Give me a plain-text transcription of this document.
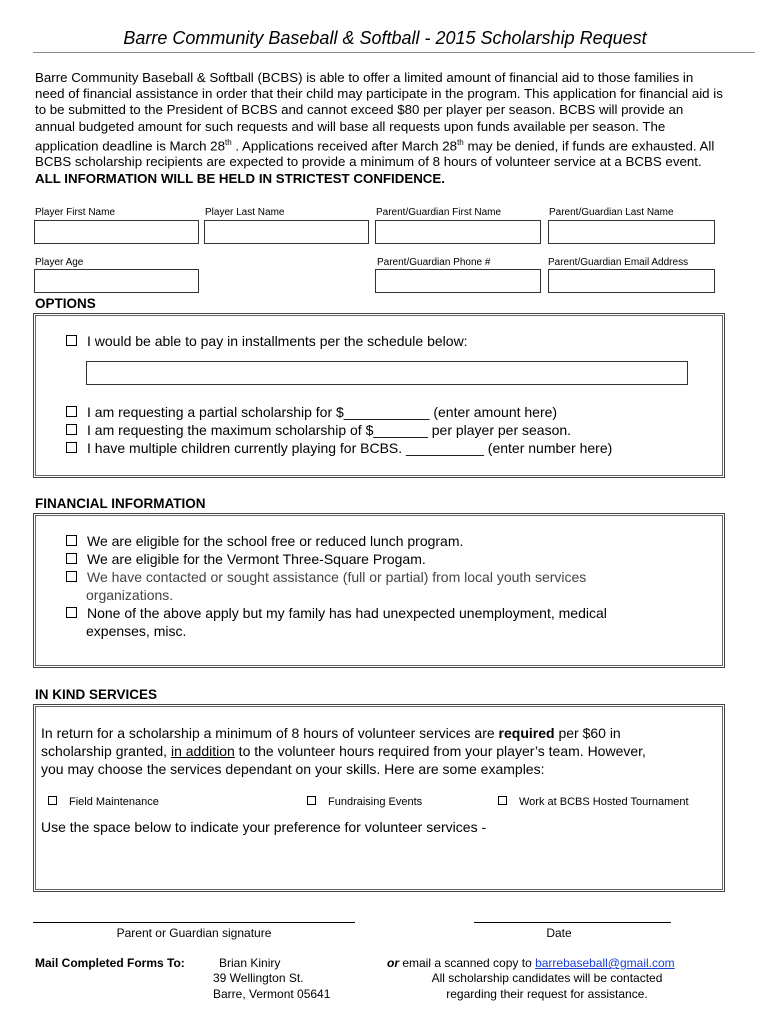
Barre Community Baseball & Softball - 2015 Scholarship Request
Barre Community Baseball & Softball (BCBS) is able to offer a limited amount of financial aid to those families in need of financial assistance in order that their child may participate in the program. This application for financial aid is to be submitted to the President of BCBS and cannot exceed $80 per player per season. BCBS will provide an annual budgeted amount for such requests and will base all requests upon funds available per season. The application deadline is March 28th . Applications received after March 28th may be denied, if funds are exhausted. All BCBS scholarship recipients are expected to provide a minimum of 8 hours of volunteer service at a BCBS event. ALL INFORMATION WILL BE HELD IN STRICTEST CONFIDENCE.
Player First Name	Player Last Name	Parent/Guardian First Name	Parent/Guardian Last Name
Player Age	Parent/Guardian Phone #	Parent/Guardian Email Address
OPTIONS
I would be able to pay in installments per the schedule below:
I am requesting a partial scholarship for $___________ (enter amount here)
I am requesting the maximum scholarship of $_______ per player per season.
I have multiple children currently playing for BCBS. __________ (enter number here)
FINANCIAL INFORMATION
We are eligible for the school free or reduced lunch program.
We are eligible for the Vermont Three-Square Progam.
We have contacted or sought assistance (full or partial) from local youth services
organizations.
None of the above apply but my family has had unexpected unemployment, medical
expenses, misc.
IN KIND SERVICES
In return for a scholarship a minimum of 8 hours of volunteer services are required per $60 in
scholarship granted, in addition to the volunteer hours required from your player’s team. However,
you may choose the services dependant on your skills. Here are some examples:
Field Maintenance	Fundraising Events	Work at BCBS Hosted Tournament
Use the space below to indicate your preference for volunteer services -
Parent or Guardian signature	Date
Mail Completed Forms To:	Brian Kiniry
39 Wellington St.
Barre, Vermont 05641
or email a scanned copy to barrebaseball@gmail.com
All scholarship candidates will be contacted
regarding their request for assistance.
